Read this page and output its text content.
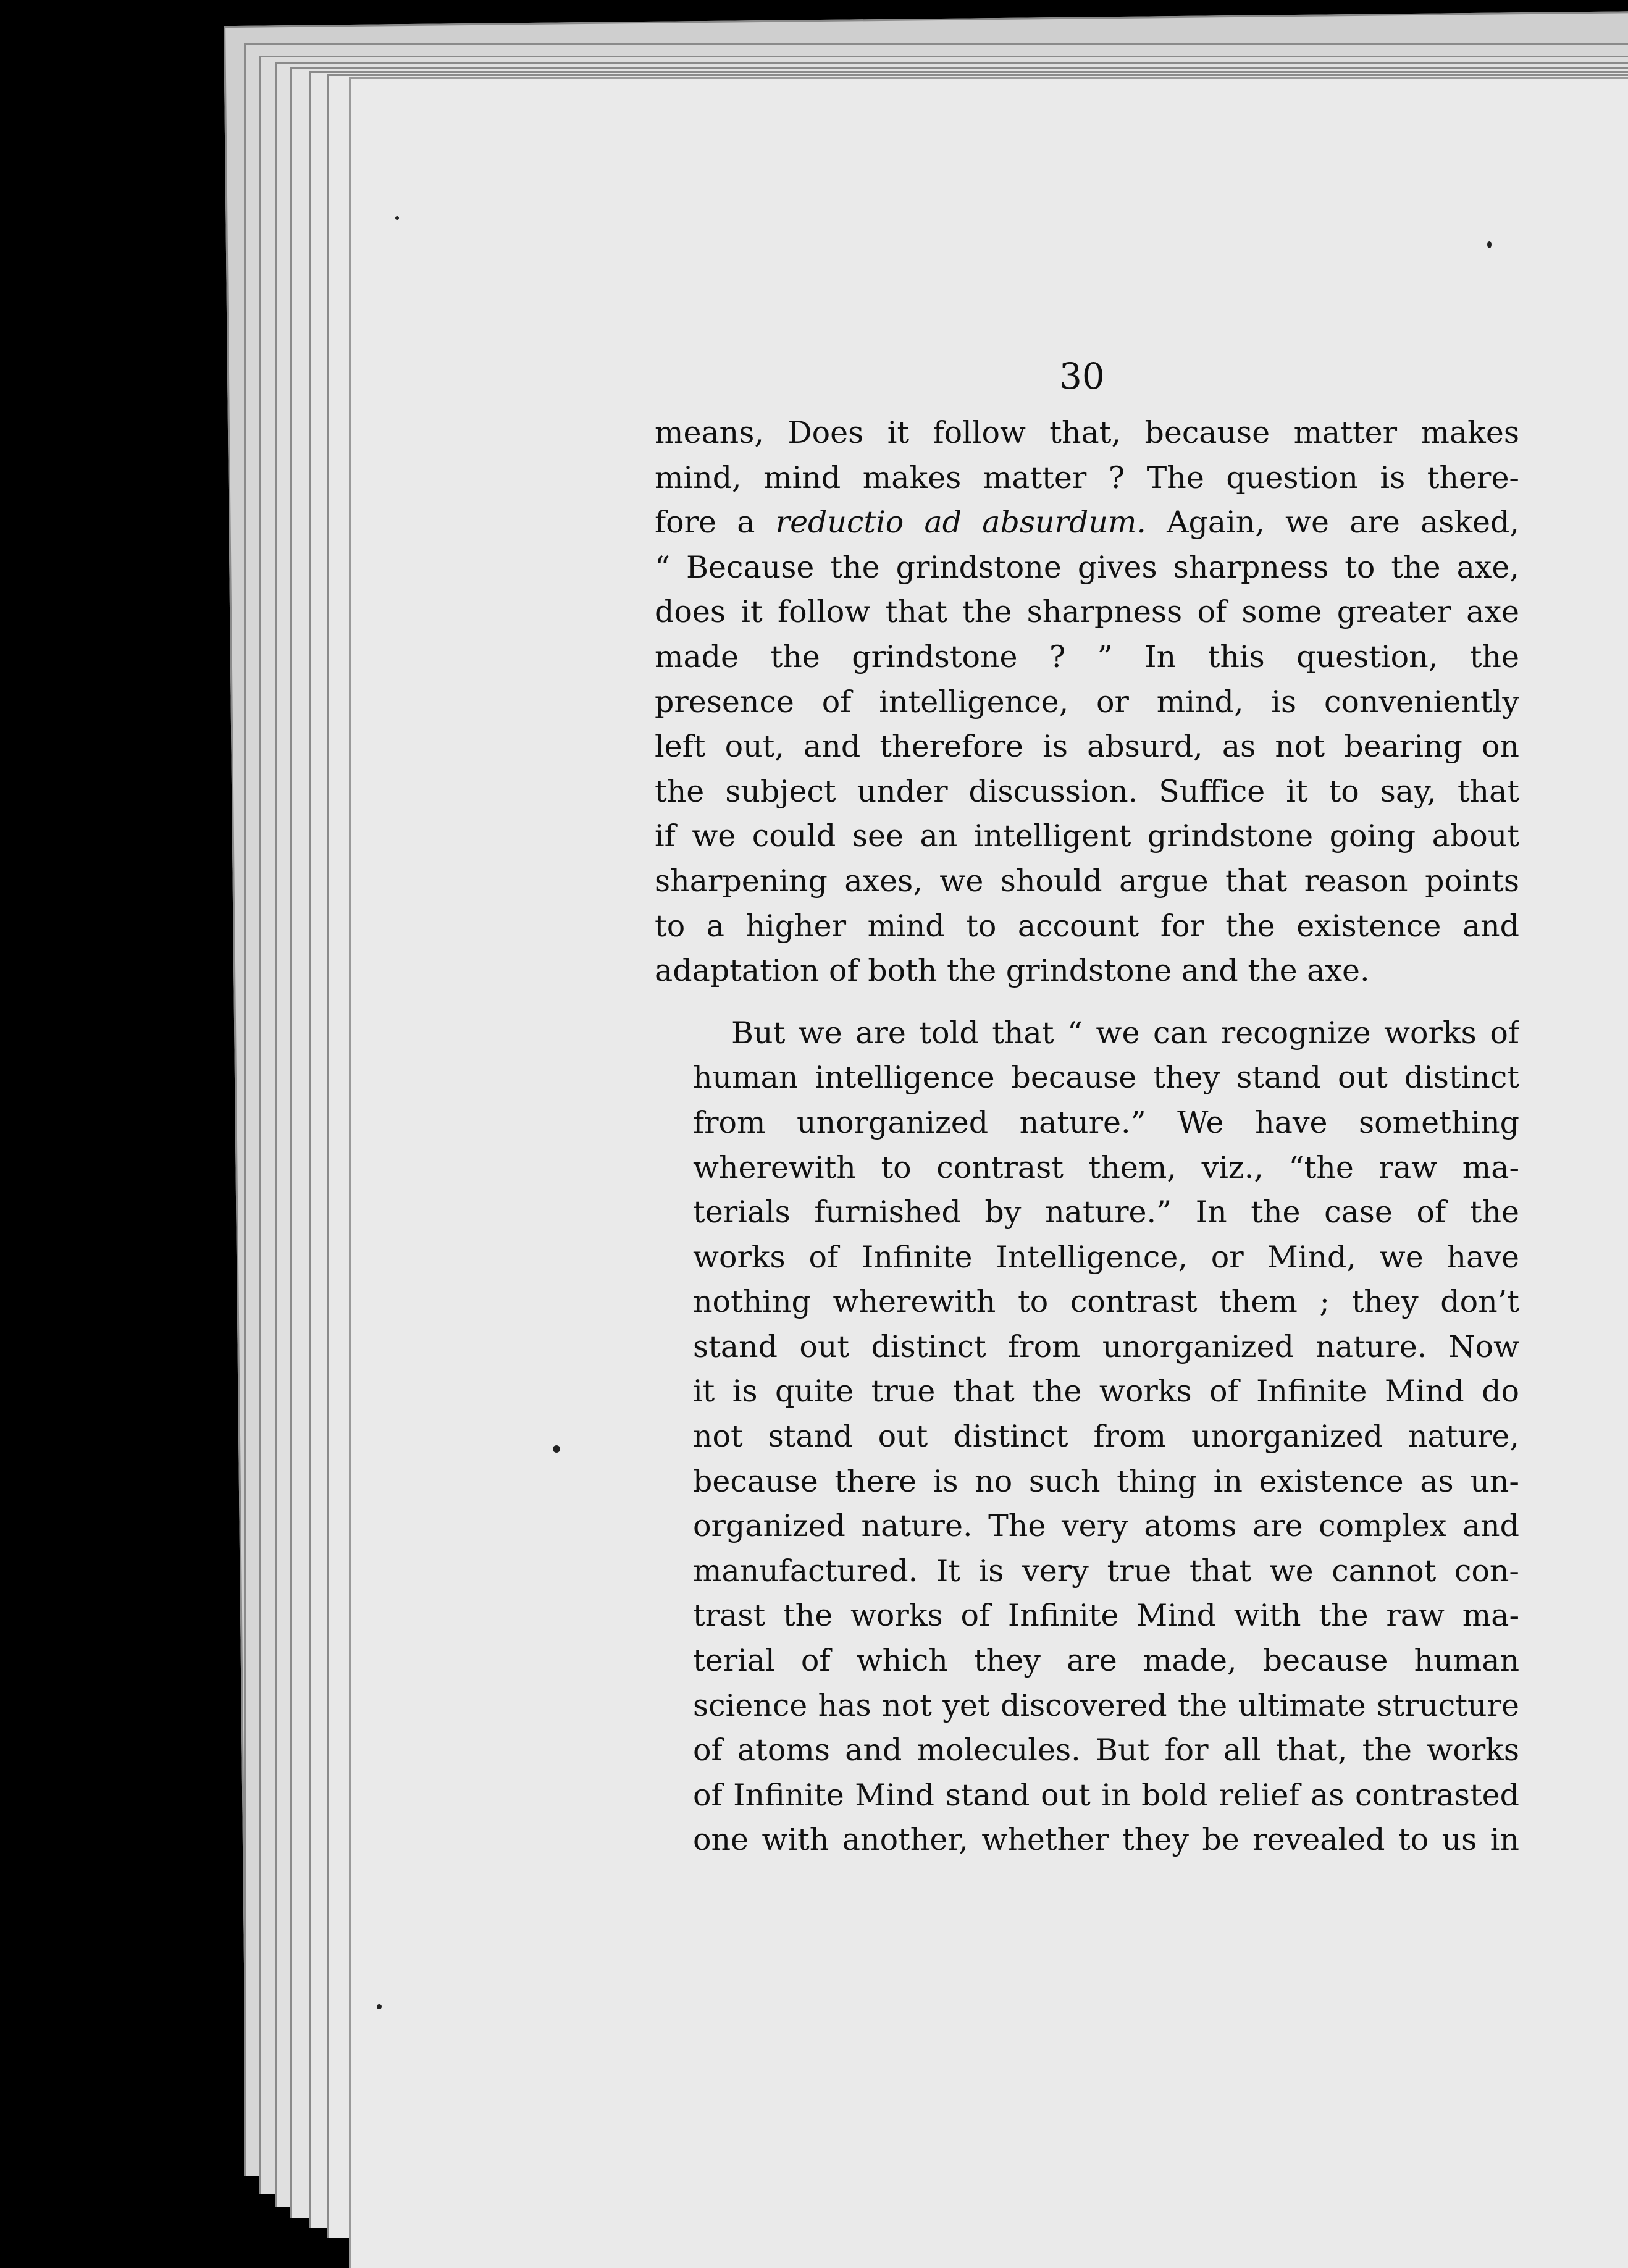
30

means, Does it follow that, because matter makes
mind, mind makes matter ? The question is there-
fore a reductio ad absurdum. Again, we are asked,
“ Because the grindstone gives sharpness to the axe,
does it follow that the sharpness of some greater axe
made the grindstone ? ” In this question, the
presence of intelligence, or mind, is conveniently
left out, and therefore is absurd, as not bearing on
the subject under discussion. Suffice it to say, that
if we could see an intelligent grindstone going about
sharpening axes, we should argue that reason points
to a higher mind to account for the existence and
adaptation of both the grindstone and the axe.

But we are told that “ we can recognize works of
human intelligence because they stand out distinct
from unorganized nature.” We have something
wherewith to contrast them, viz., “the raw ma-
terials furnished by nature.” In the case of the
works of Infinite Intelligence, or Mind, we have
nothing wherewith to contrast them ; they don’t
stand out distinct from unorganized nature. Now
it is quite true that the works of Infinite Mind do
not stand out distinct from unorganized nature,
because there is no such thing in existence as un-
organized nature. The very atoms are complex and
manufactured. It is very true that we cannot con-
trast the works of Infinite Mind with the raw ma-
terial of which they are made, because human
science has not yet discovered the ultimate structure
of atoms and molecules. But for all that, the works
of Infinite Mind stand out in bold relief as contrasted
one with another, whether they be revealed to us in
